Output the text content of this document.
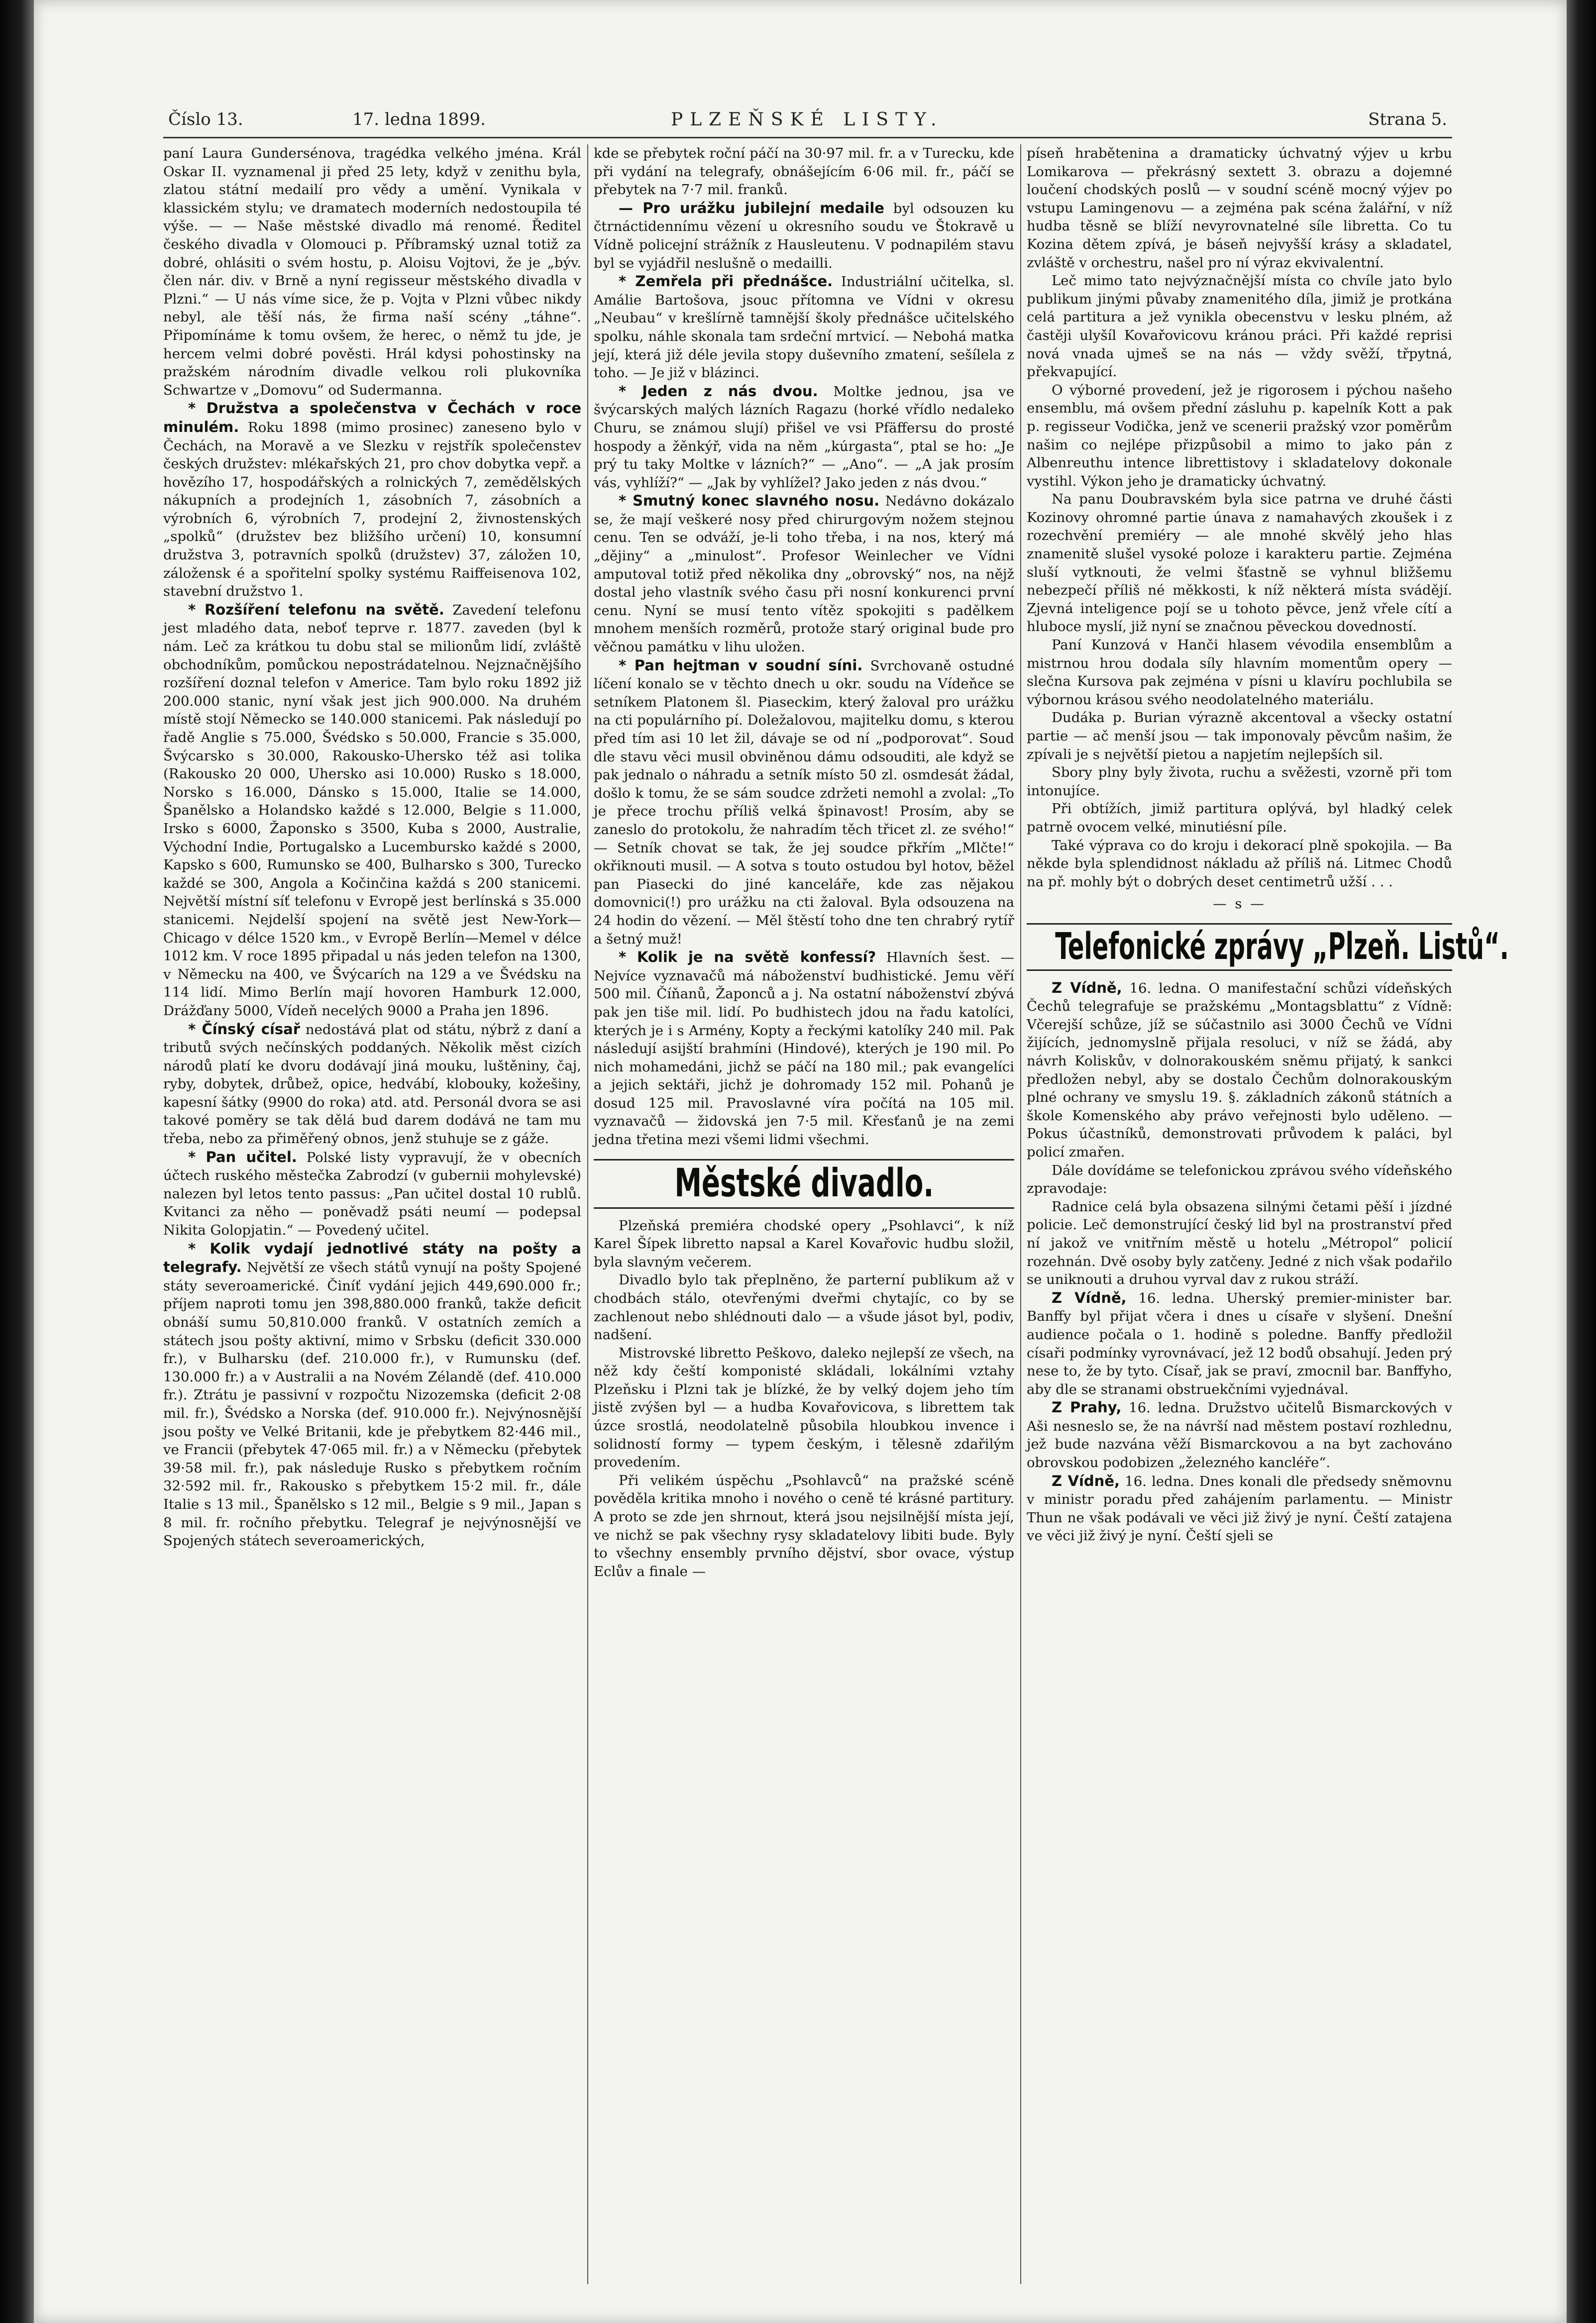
Číslo 13.	17. ledna 1899.	PLZEŇSKÉ LISTY.	Strana 5.

paní Laura Gundersénova, tragédka velkého jména. Král Oskar II. vyznamenal ji před 25 lety, když v zenithu byla, zlatou státní medailí pro vědy a umění. Vynikala v klassickém stylu; ve dramatech moderních nedostoupila té výše. — — Naše městské divadlo má renomé. Ředitel českého divadla v Olomouci p. Příbramský uznal totiž za dobré, ohlásiti o svém hostu, p. Aloisu Vojtovi, že je „býv. člen nár. div. v Brně a nyní regisseur městského divadla v Plzni.“ — U nás víme sice, že p. Vojta v Plzni vůbec nikdy nebyl, ale těší nás, že firma naší scény „táhne“. Připomínáme k tomu ovšem, že herec, o němž tu jde, je hercem velmi dobré pověsti. Hrál kdysi pohostinsky na pražském národním divadle velkou roli plukovníka Schwartze v „Domovu“ od Sudermanna.

* Družstva a společenstva v Čechách v roce minulém. Roku 1898 (mimo prosinec) zaneseno bylo v Čechách, na Moravě a ve Slezku v rejstřík společenstev českých družstev: mlékařských 21, pro chov dobytka vepř. a hovězího 17, hospodářských a rolnických 7, zemědělských nákupních a prodejních 1, zásobních 7, zásobních a výrobních 6, výrobních 7, prodejní 2, živnostenských „spolků“ (družstev bez bližšího určení) 10, konsumní družstva 3, potravních spolků (družstev) 37, záložen 10, záložensk é a spořitelní spolky systému Raiffeisenova 102, stavební družstvo 1.

* Rozšíření telefonu na světě. Zavedení telefonu jest mladého data, neboť teprve r. 1877. zaveden (byl k nám. Leč za krátkou tu dobu stal se milionům lidí, zvláště obchodníkům, pomůckou nepostrádatelnou. Nejznačnějšího rozšíření doznal telefon v Americe. Tam bylo roku 1892 již 200.000 stanic, nyní však jest jich 900.000. Na druhém místě stojí Německo se 140.000 stanicemi. Pak následují po řadě Anglie s 75.000, Švédsko s 50.000, Francie s 35.000, Švýcarsko s 30.000, Rakousko-Uhersko též asi tolika (Rakousko 20 000, Uhersko asi 10.000) Rusko s 18.000, Norsko s 16.000, Dánsko s 15.000, Italie se 14.000, Španělsko a Holandsko každé s 12.000, Belgie s 11.000, Irsko s 6000, Žaponsko s 3500, Kuba s 2000, Australie, Východní Indie, Portugalsko a Lucembursko každé s 2000, Kapsko s 600, Rumunsko se 400, Bulharsko s 300, Turecko každé se 300, Angola a Kočinčina každá s 200 stanicemi. Největší místní síť telefonu v Evropě jest berlínská s 35.000 stanicemi. Nejdelší spojení na světě jest New-York—Chicago v délce 1520 km., v Evropě Berlín—Memel v délce 1012 km. V roce 1895 připadal u nás jeden telefon na 1300, v Německu na 400, ve Švýcarích na 129 a ve Švédsku na 114 lidí. Mimo Berlín mají hovoren Hamburk 12.000, Drážďany 5000, Vídeň necelých 9000 a Praha jen 1896.

* Čínský císař nedostává plat od státu, nýbrž z daní a tributů svých nečínských poddaných. Několik měst cizích národů platí ke dvoru dodávají jiná mouku, luštěniny, čaj, ryby, dobytek, drůbež, opice, hedvábí, klobouky, kožešiny, kapesní šátky (9900 do roka) atd. atd. Personál dvora se asi takové poměry se tak dělá bud darem dodává ne tam mu třeba, nebo za přiměřený obnos, jenž stuhuje se z gáže.

* Pan učitel. Polské listy vypravují, že v obecních účtech ruského městečka Zabrodzí (v gubernii mohylevské) nalezen byl letos tento passus: „Pan učitel dostal 10 rublů. Kvitanci za něho — poněvadž psáti neumí — podepsal Nikita Golopjatin.“ — Povedený učitel.

* Kolik vydají jednotlivé státy na pošty a telegrafy. Největší ze všech států vynují na pošty Spojené státy severoamerické. Činíť vydání jejich 449,690.000 fr.; příjem naproti tomu jen 398,880.000 franků, takže deficit obnáší sumu 50,810.000 franků. V ostatních zemích a státech jsou pošty aktivní, mimo v Srbsku (deficit 330.000 fr.), v Bulharsku (def. 210.000 fr.), v Rumunsku (def. 130.000 fr.) a v Australii a na Novém Zélandě (def. 410.000 fr.). Ztrátu je passivní v rozpočtu Nizozemska (deficit 2·08 mil. fr.), Švédsko a Norska (def. 910.000 fr.). Nejvýnosnější jsou pošty ve Velké Britanii, kde je přebytkem 82·446 mil., ve Francii (přebytek 47·065 mil. fr.) a v Německu (přebytek 39·58 mil. fr.), pak následuje Rusko s přebytkem ročním 32·592 mil. fr., Rakousko s přebytkem 15·2 mil. fr., dále Italie s 13 mil., Španělsko s 12 mil., Belgie s 9 mil., Japan s 8 mil. fr. ročního přebytku. Telegraf je nejvýnosnější ve Spojených státech severoamerických,

kde se přebytek roční páčí na 30·97 mil. fr. a v Turecku, kde při vydání na telegrafy, obnášejícím 6·06 mil. fr., páčí se přebytek na 7·7 mil. franků.

— Pro urážku jubilejní medaile byl odsouzen ku čtrnáctidennímu vězení u okresního soudu ve Štokravě u Vídně policejní strážník z Hausleutenu. V podnapilém stavu byl se vyjádřil neslušně o medailli.

* Zemřela při přednášce. Industriální učitelka, sl. Amálie Bartošova, jsouc přítomna ve Vídni v okresu „Neubau“ v krešlírně tamnější školy přednášce učitelského spolku, náhle skonala tam srdeční mrtvicí. — Nebohá matka její, která již déle jevila stopy duševního zmatení, sešílela z toho. — Je již v blázinci.

* Jeden z nás dvou. Moltke jednou, jsa ve švýcarských malých lázních Ragazu (horké vřídlo nedaleko Churu, se známou slují) přišel ve vsi Pfäffersu do prosté hospody a žěnkýř, vida na něm „kúrgasta“, ptal se ho: „Je prý tu taky Moltke v lázních?“ — „Ano“. — „A jak prosím vás, vyhlíží?“ — „Jak by vyhlížel? Jako jeden z nás dvou.“

* Smutný konec slavného nosu. Nedávno dokázalo se, že mají veškeré nosy před chirurgovým nožem stejnou cenu. Ten se odváží, je-li toho třeba, i na nos, který má „dějiny“ a „minulost“. Profesor Weinlecher ve Vídni amputoval totiž před několika dny „obrovský“ nos, na nějž dostal jeho vlastník svého času při nosní konkurenci první cenu. Nyní se musí tento vítěz spokojiti s padělkem mnohem menších rozměrů, protože starý original bude pro věčnou památku v lihu uložen.

* Pan hejtman v soudní síni. Svrchovaně ostudné líčení konalo se v těchto dnech u okr. soudu na Vídeňce se setníkem Platonem šl. Piaseckim, který žaloval pro urážku na cti populárního pí. Doležalovou, majitelku domu, s kterou před tím asi 10 let žil, dávaje se od ní „podporovat“. Soud dle stavu věci musil obviněnou dámu odsouditi, ale když se pak jednalo o náhradu a setník místo 50 zl. osmdesát žádal, došlo k tomu, že se sám soudce zdržeti nemohl a zvolal: „To je přece trochu příliš velká špinavost! Prosím, aby se zaneslo do protokolu, že nahradím těch třicet zl. ze svého!“ — Setník chovat se tak, že jej soudce přkřím „Mlčte!“ okřiknouti musil. — A sotva s touto ostudou byl hotov, běžel pan Piasecki do jiné kanceláře, kde zas nějakou domovnici(!) pro urážku na cti žaloval. Byla odsouzena na 24 hodin do vězení. — Měl štěstí toho dne ten chrabrý rytíř a šetný muž!

* Kolik je na světě konfessí? Hlavních šest. — Nejvíce vyznavačů má náboženství budhistické. Jemu věří 500 mil. Číňanů, Žaponců a j. Na ostatní náboženství zbývá pak jen tiše mil. lidí. Po budhistech jdou na řadu katolíci, kterých je i s Armény, Kopty a řeckými katolíky 240 mil. Pak následují asijští brahmíni (Hindové), kterých je 190 mil. Po nich mohamedáni, jichž se páčí na 180 mil.; pak evangelíci a jejich sektáři, jichž je dohromady 152 mil. Pohanů je dosud 125 mil. Pravoslavné víra počítá na 105 mil. vyznavačů — židovská jen 7·5 mil. Křesťanů je na zemi jedna třetina mezi všemi lidmi všechmi.

Městské divadlo.

Plzeňská premiéra chodské opery „Psohlavci“, k níž Karel Šípek libretto napsal a Karel Kovařovic hudbu složil, byla slavným večerem.

Divadlo bylo tak přeplněno, že parterní publikum až v chodbách stálo, otevřenými dveřmi chytajíc, co by se zachlenout nebo shlédnouti dalo — a všude jásot byl, podiv, nadšení.

Mistrovské libretto Peškovo, daleko nejlepší ze všech, na něž kdy čeští komponisté skládali, lokálními vztahy Plzeňsku i Plzni tak je blízké, že by velký dojem jeho tím jistě zvýšen byl — a hudba Kovařovicova, s librettem tak úzce srostlá, neodolatelně působila hloubkou invence i solidností formy — typem českým, i tělesně zdařilým provedením.

Při velikém úspěchu „Psohlavců“ na pražské scéně pověděla kritika mnoho i nového o ceně té krásné partitury. A proto se zde jen shrnout, která jsou nejsilnější místa její, ve nichž se pak všechny rysy skladatelovy libiti bude. Byly to všechny ensembly prvního dějství, sbor ovace, výstup Eclův a finale —

píseň hrabětenina a dramaticky úchvatný výjev u krbu Lomikarova — překrásný sextett 3. obrazu a dojemné loučení chodských poslů — v soudní scéně mocný výjev po vstupu Lamingenovu — a zejména pak scéna žalářní, v níž hudba těsně se blíží nevyrovnatelné síle libretta. Co tu Kozina dětem zpívá, je báseň nejvyšší krásy a skladatel, zvláště v orchestru, našel pro ní výraz ekvivalentní.

Leč mimo tato nejvýznačnější místa co chvíle jato bylo publikum jinými půvaby znamenitého díla, jimiž je protkána celá partitura a jež vynikla obecenstvu v lesku plném, až častěji ulyšíl Kovařovicovu kránou práci. Při každé reprisi nová vnada ujmeš se na nás — vždy svěží, třpytná, překvapující.

O výborné provedení, jež je rigorosem i pýchou našeho ensemblu, má ovšem přední zásluhu p. kapelník Kott a pak p. regisseur Vodička, jenž ve scenerii pražský vzor poměrům našim co nejlépe přizpůsobil a mimo to jako pán z Albenreuthu intence librettistovy i skladatelovy dokonale vystihl. Výkon jeho je dramaticky úchvatný.

Na panu Doubravském byla sice patrna ve druhé části Kozinovy ohromné partie únava z namahavých zkoušek i z rozechvění premiéry — ale mnohé skvělý jeho hlas znamenitě slušel vysoké poloze i karakteru partie. Zejména sluší vytknouti, že velmi šťastně se vyhnul bližšemu nebezpečí příliš né měkkosti, k níž některá místa svádějí. Zjevná inteligence pojí se u tohoto pěvce, jenž vřele cítí a hluboce myslí, již nyní se značnou pěveckou dovedností.

Paní Kunzová v Hanči hlasem vévodila ensemblům a mistrnou hrou dodala síly hlavním momentům opery — slečna Kursova pak zejména v písni u klavíru pochlubila se výbornou krásou svého neodolatelného materiálu.

Dudáka p. Burian výrazně akcentoval a všecky ostatní partie — ač menší jsou — tak imponovaly pěvcům našim, že zpívali je s největší pietou a napjetím nejlepších sil.

Sbory plny byly života, ruchu a svěžesti, vzorně při tom intonujíce.

Při obtížích, jimiž partitura oplývá, byl hladký celek patrně ovocem velké, minutiésní píle.

Také výprava co do kroju i dekorací plně spokojila. — Ba někde byla splendidnost nákladu až příliš ná. Litmec Chodů na př. mohly být o dobrých deset centimetrů užší . . .

— s —
Telefonické zprávy „Plzeň. Listů“.

Z Vídně, 16. ledna. O manifestační schůzi vídeňských Čechů telegrafuje se pražskému „Montagsblattu“ z Vídně: Včerejší schůze, jíž se súčastnilo asi 3000 Čechů ve Vídni žijících, jednomyslně přijala resoluci, v níž se žádá, aby návrh Koliskův, v dolnorakouském sněmu přijatý, k sankci předložen nebyl, aby se dostalo Čechům dolnorakouským plné ochrany ve smyslu 19. §. základních zákonů státních a škole Komenského aby právo veřejnosti bylo uděleno. — Pokus účastníků, demonstrovati průvodem k paláci, byl policí zmařen.

Dále dovídáme se telefonickou zprávou svého vídeňského zpravodaje:

Radnice celá byla obsazena silnými četami pěší i jízdné policie. Leč demonstrující český lid byl na prostranství před ní jakož ve vnitřním městě u hotelu „Métropol“ policií rozehnán. Dvě osoby byly zatčeny. Jedné z nich však podařilo se uniknouti a druhou vyrval dav z rukou stráží.

Z Vídně, 16. ledna. Uherský premier-minister bar. Banffy byl přijat včera i dnes u císaře v slyšení. Dnešní audience počala o 1. hodině s poledne. Banffy předložil císaři podmínky vyrovnávací, jež 12 bodů obsahují. Jeden prý nese to, že by tyto. Císař, jak se praví, zmocnil bar. Banffyho, aby dle se stranami obstruekčními vyjednával.

Z Prahy, 16. ledna. Družstvo učitelů Bismarckových v Aši nesneslo se, že na návrší nad městem postaví rozhlednu, jež bude nazvána věží Bismarckovou a na byt zachováno obrovskou podobizen „železného kancléře“.

Z Vídně, 16. ledna. Dnes konali dle předsedy sněmovnu v ministr poradu před zahájením parlamentu. — Ministr Thun ne však podávali ve věci již živý je nyní. Čeští zatajena ve věci již živý je nyní. Čeští sjeli se
